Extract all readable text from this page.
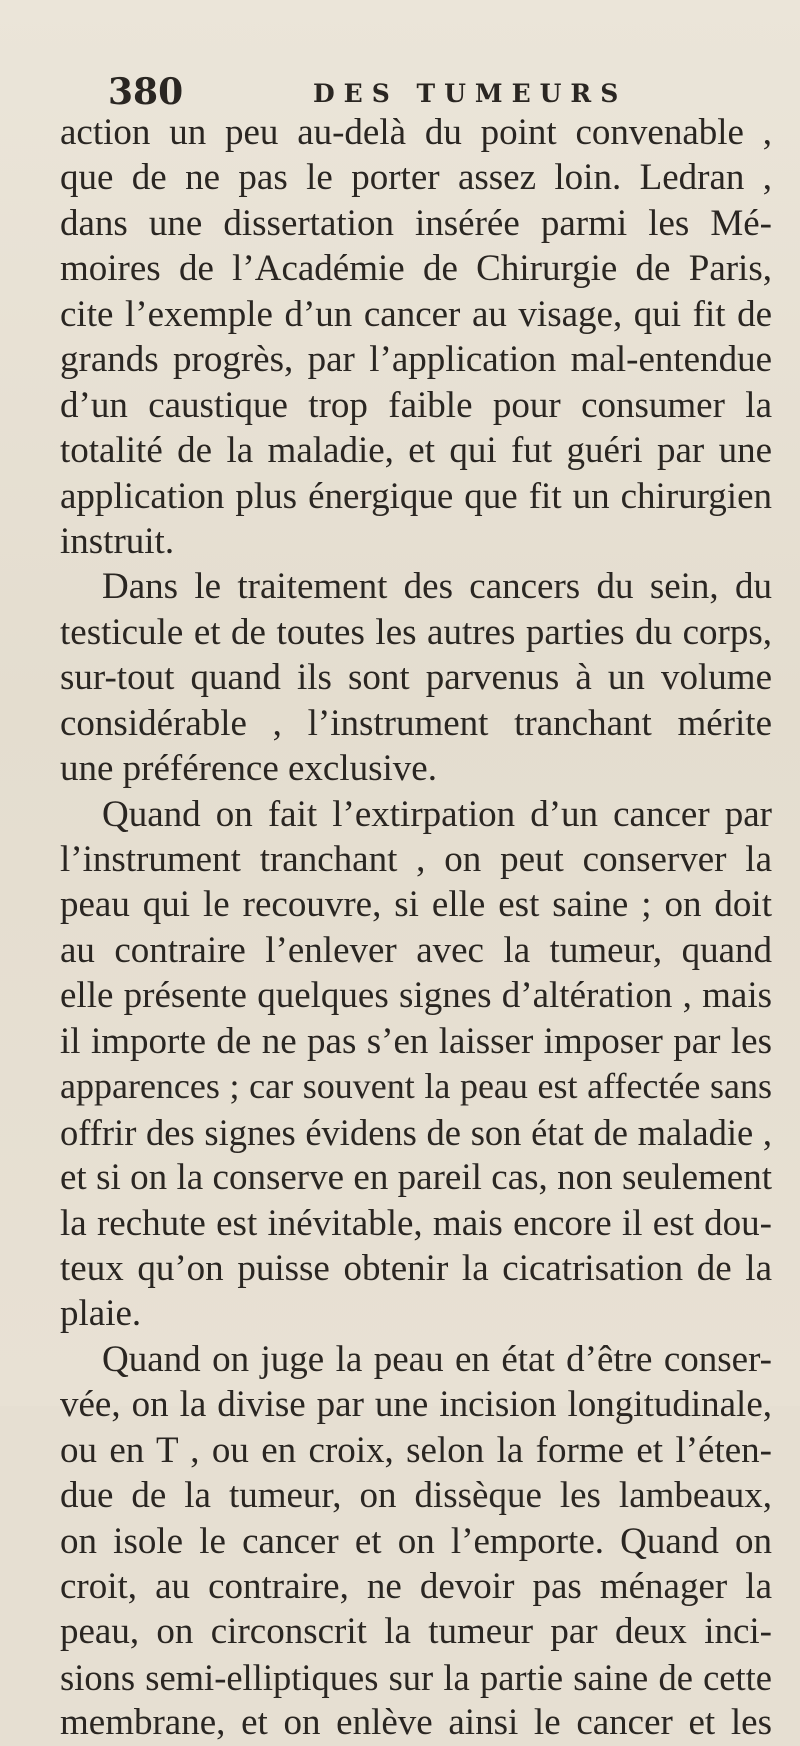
380	DES TUMEURS
action un peu au-delà du point convenable ,
que de ne pas le porter assez loin. Ledran ,
dans une dissertation insérée parmi les Mé-
moires de l’Académie de Chirurgie de Paris,
cite l’exemple d’un cancer au visage, qui fit de
grands progrès, par l’application mal-entendue
d’un caustique trop faible pour consumer la
totalité de la maladie, et qui fut guéri par une
application plus énergique que fit un chirurgien
instruit.
Dans le traitement des cancers du sein, du
testicule et de toutes les autres parties du corps,
sur-tout quand ils sont parvenus à un volume
considérable , l’instrument tranchant mérite
une préférence exclusive.
Quand on fait l’extirpation d’un cancer par
l’instrument tranchant , on peut conserver la
peau qui le recouvre, si elle est saine ; on doit
au contraire l’enlever avec la tumeur, quand
elle présente quelques signes d’altération , mais
il importe de ne pas s’en laisser imposer par les
apparences ; car souvent la peau est affectée sans
offrir des signes évidens de son état de maladie ,
et si on la conserve en pareil cas, non seulement
la rechute est inévitable, mais encore il est dou-
teux qu’on puisse obtenir la cicatrisation de la
plaie.
Quand on juge la peau en état d’être conser-
vée, on la divise par une incision longitudinale,
ou en T , ou en croix, selon la forme et l’éten-
due de la tumeur, on dissèque les lambeaux,
on isole le cancer et on l’emporte. Quand on
croit, au contraire, ne devoir pas ménager la
peau, on circonscrit la tumeur par deux inci-
sions semi-elliptiques sur la partie saine de cette
membrane, et on enlève ainsi le cancer et les
